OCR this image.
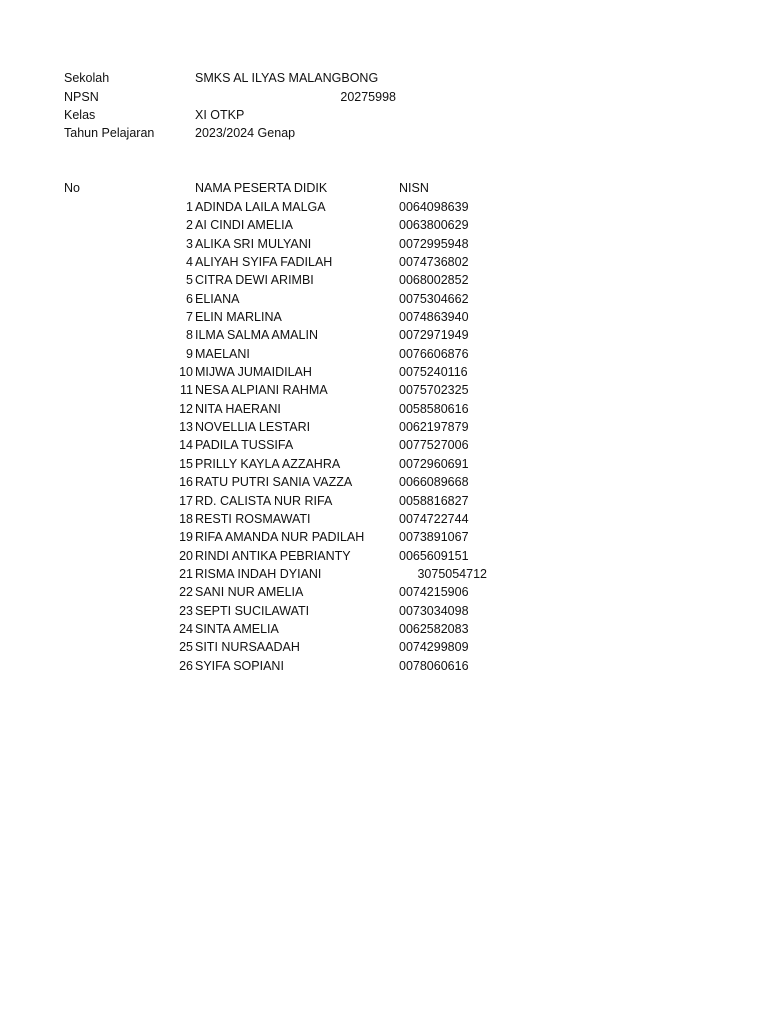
Sekolah	SMKS AL ILYAS MALANGBONG
NPSN	20275998
Kelas	XI OTKP
Tahun Pelajaran	2023/2024 Genap
No	NAMA PESERTA DIDIK	NISN
1 ADINDA LAILA MALGA	0064098639
2 AI CINDI AMELIA	0063800629
3 ALIKA SRI MULYANI	0072995948
4 ALIYAH SYIFA FADILAH	0074736802
5 CITRA DEWI ARIMBI	0068002852
6 ELIANA	0075304662
7 ELIN MARLINA	0074863940
8 ILMA SALMA AMALIN	0072971949
9 MAELANI	0076606876
10 MIJWA JUMAIDILAH	0075240116
11 NESA ALPIANI RAHMA	0075702325
12 NITA HAERANI	0058580616
13 NOVELLIA LESTARI	0062197879
14 PADILA TUSSIFA	0077527006
15 PRILLY KAYLA AZZAHRA	0072960691
16 RATU PUTRI SANIA VAZZA	0066089668
17 RD. CALISTA NUR RIFA	0058816827
18 RESTI ROSMAWATI	0074722744
19 RIFA AMANDA NUR PADILAH	0073891067
20 RINDI ANTIKA PEBRIANTY	0065609151
21 RISMA INDAH DYIANI	3075054712
22 SANI NUR AMELIA	0074215906
23 SEPTI SUCILAWATI	0073034098
24 SINTA AMELIA	0062582083
25 SITI NURSAADAH	0074299809
26 SYIFA SOPIANI	0078060616
